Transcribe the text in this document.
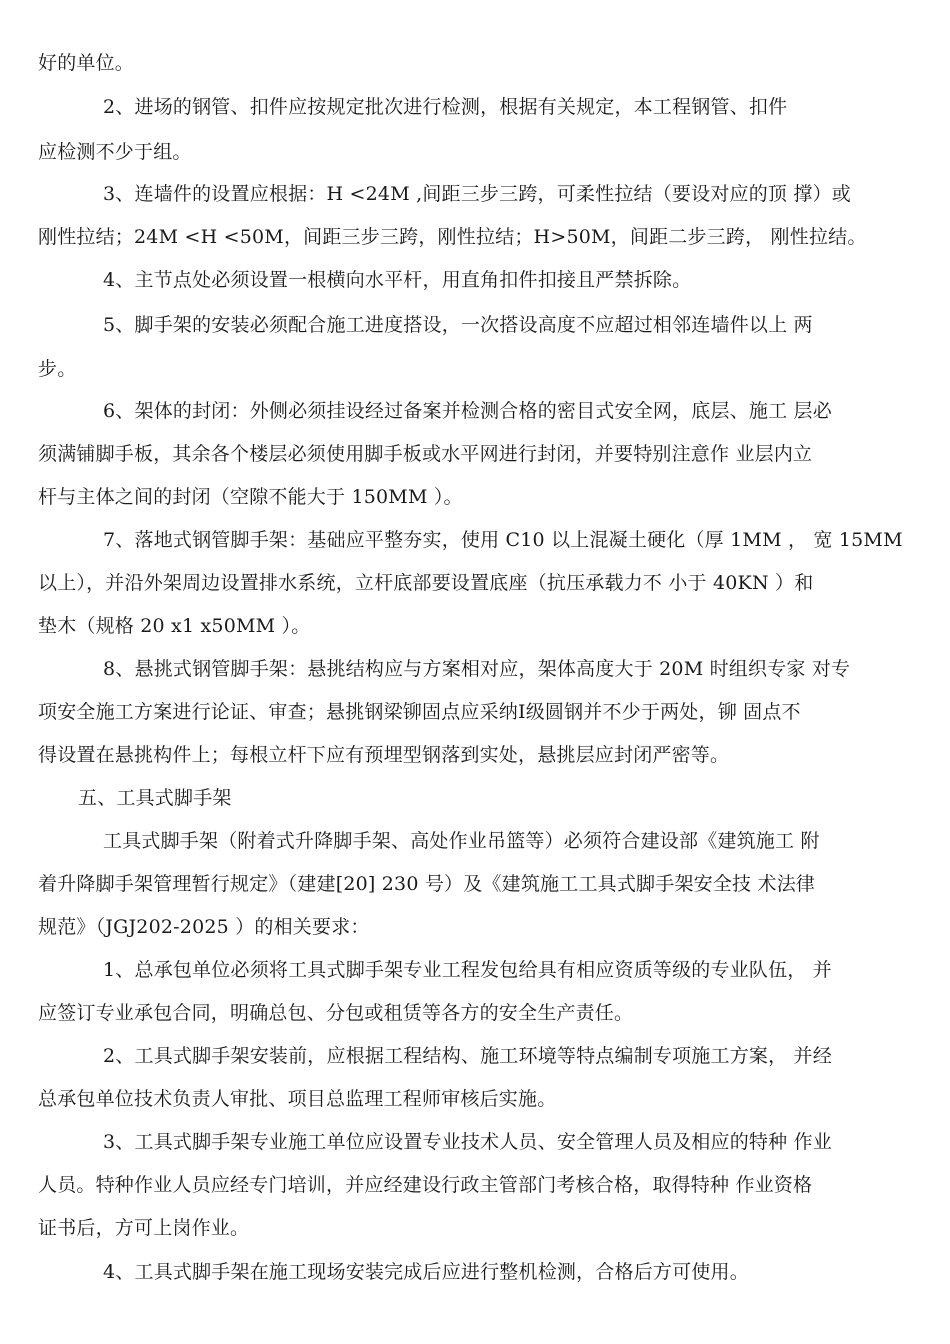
好的单位。
2、进场的钢管、扣件应按规定批次进行检测，根据有关规定，本工程钢管、扣件
应检测不少于组。
3、连墙件的设置应根据：H <24M ,间距三步三跨，可柔性拉结（要设对应的顶 撑）或
刚性拉结；24M <H <50M，间距三步三跨，刚性拉结；H>50M，间距二步三跨， 刚性拉结。
4、主节点处必须设置一根横向水平杆，用直角扣件扣接且严禁拆除。
5、脚手架的安装必须配合施工进度搭设，一次搭设高度不应超过相邻连墙件以上 两
步。
6、架体的封闭：外侧必须挂设经过备案并检测合格的密目式安全网，底层、施工 层必
须满铺脚手板，其余各个楼层必须使用脚手板或水平网进行封闭，并要特别注意作 业层内立
杆与主体之间的封闭（空隙不能大于 150MM ）。
7、落地式钢管脚手架：基础应平整夯实，使用 C10 以上混凝土硬化（厚 1MM ， 宽 15MM
以上），并沿外架周边设置排水系统，立杆底部要设置底座（抗压承载力不 小于 40KN ）和
垫木（规格 20 x1 x50MM ）。
8、悬挑式钢管脚手架：悬挑结构应与方案相对应，架体高度大于 20M 时组织专家 对专
项安全施工方案进行论证、审查；悬挑钢梁铆固点应采纳Ⅰ级圆钢并不少于两处，铆 固点不
得设置在悬挑构件上；每根立杆下应有预埋型钢落到实处，悬挑层应封闭严密等。
五、工具式脚手架
工具式脚手架（附着式升降脚手架、高处作业吊篮等）必须符合建设部《建筑施工 附
着升降脚手架管理暂行规定》（建建[20] 230 号）及《建筑施工工具式脚手架安全技 术法律
规范》（JGJ202-2025 ）的相关要求：
1、总承包单位必须将工具式脚手架专业工程发包给具有相应资质等级的专业队伍， 并
应签订专业承包合同，明确总包、分包或租赁等各方的安全生产责任。
2、工具式脚手架安装前，应根据工程结构、施工环境等特点编制专项施工方案， 并经
总承包单位技术负责人审批、项目总监理工程师审核后实施。
3、工具式脚手架专业施工单位应设置专业技术人员、安全管理人员及相应的特种 作业
人员。特种作业人员应经专门培训，并应经建设行政主管部门考核合格，取得特种 作业资格
证书后，方可上岗作业。
4、工具式脚手架在施工现场安装完成后应进行整机检测，合格后方可使用。
